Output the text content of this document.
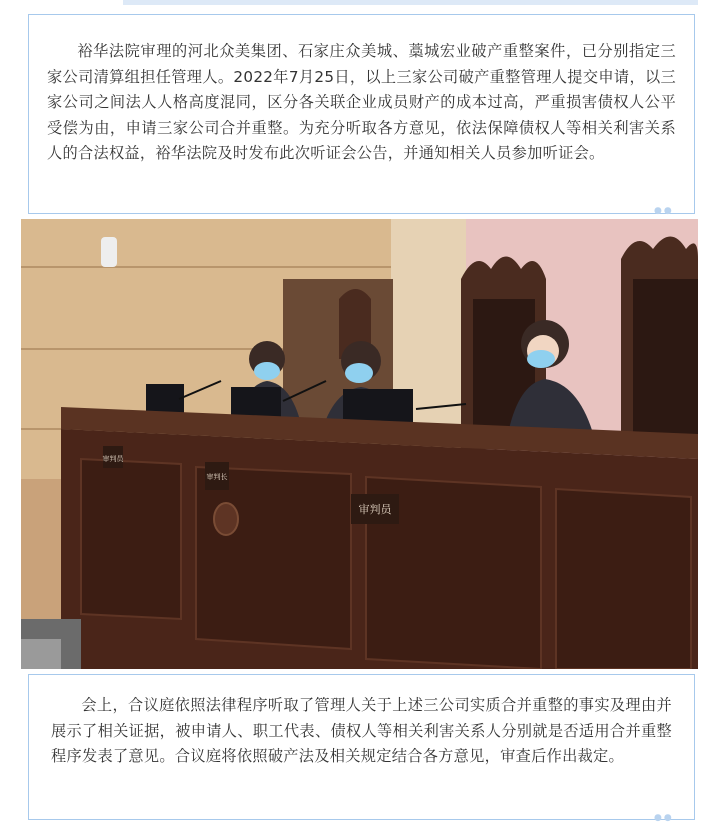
裕华法院审理的河北众美集团、石家庄众美城、藁城宏业破产重整案件，已分别指定三家公司清算组担任管理人。2022年7月25日，以上三家公司破产重整管理人提交申请，以三家公司之间法人人格高度混同，区分各关联企业成员财产的成本过高，严重损害债权人公平受偿为由，申请三家公司合并重整。为充分听取各方意见，依法保障债权人等相关利害关系人的合法权益，裕华法院及时发布此次听证会公告，并通知相关人员参加听证会。

●●
审判员
审判长
审判员

会上，合议庭依照法律程序听取了管理人关于上述三公司实质合并重整的事实及理由并展示了相关证据，被申请人、职工代表、债权人等相关利害关系人分别就是否适用合并重整程序发表了意见。合议庭将依照破产法及相关规定结合各方意见，审查后作出裁定。

●●
